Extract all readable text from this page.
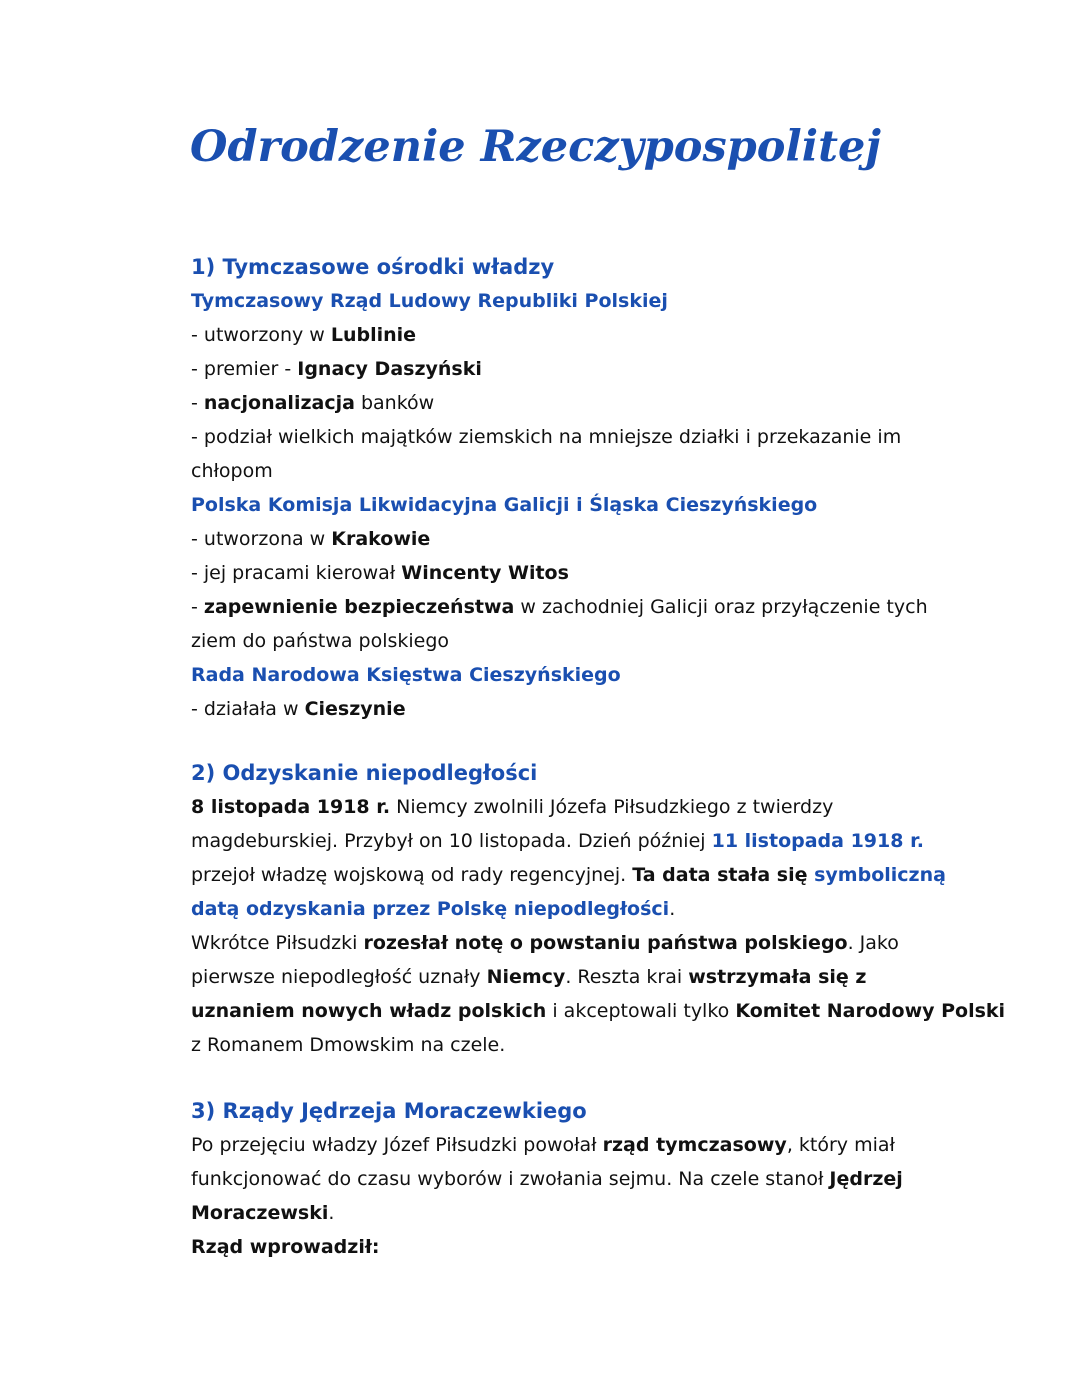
Odrodzenie Rzeczypospolitej
1) Tymczasowe ośrodki władzy
Tymczasowy Rząd Ludowy Republiki Polskiej
- utworzony w Lublinie
- premier - Ignacy Daszyński
- nacjonalizacja banków
- podział wielkich majątków ziemskich na mniejsze działki i przekazanie im
chłopom
Polska Komisja Likwidacyjna Galicji i Śląska Cieszyńskiego
- utworzona w Krakowie
- jej pracami kierował Wincenty Witos
- zapewnienie bezpieczeństwa w zachodniej Galicji oraz przyłączenie tych
ziem do państwa polskiego
Rada Narodowa Księstwa Cieszyńskiego
- działała w Cieszynie
2) Odzyskanie niepodległości
8 listopada 1918 r. Niemcy zwolnili Józefa Piłsudzkiego z twierdzy
magdeburskiej. Przybył on 10 listopada. Dzień później 11 listopada 1918 r.
przejoł władzę wojskową od rady regencyjnej. Ta data stała się symboliczną
datą odzyskania przez Polskę niepodległości.
Wkrótce Piłsudzki rozesłał notę o powstaniu państwa polskiego. Jako
pierwsze niepodległość uznały Niemcy. Reszta krai wstrzymała się z
uznaniem nowych władz polskich i akceptowali tylko Komitet Narodowy Polski
z Romanem Dmowskim na czele.
3) Rządy Jędrzeja Moraczewkiego
Po przejęciu władzy Józef Piłsudzki powołał rząd tymczasowy, który miał
funkcjonować do czasu wyborów i zwołania sejmu. Na czele stanoł Jędrzej
Moraczewski.
Rząd wprowadził:
